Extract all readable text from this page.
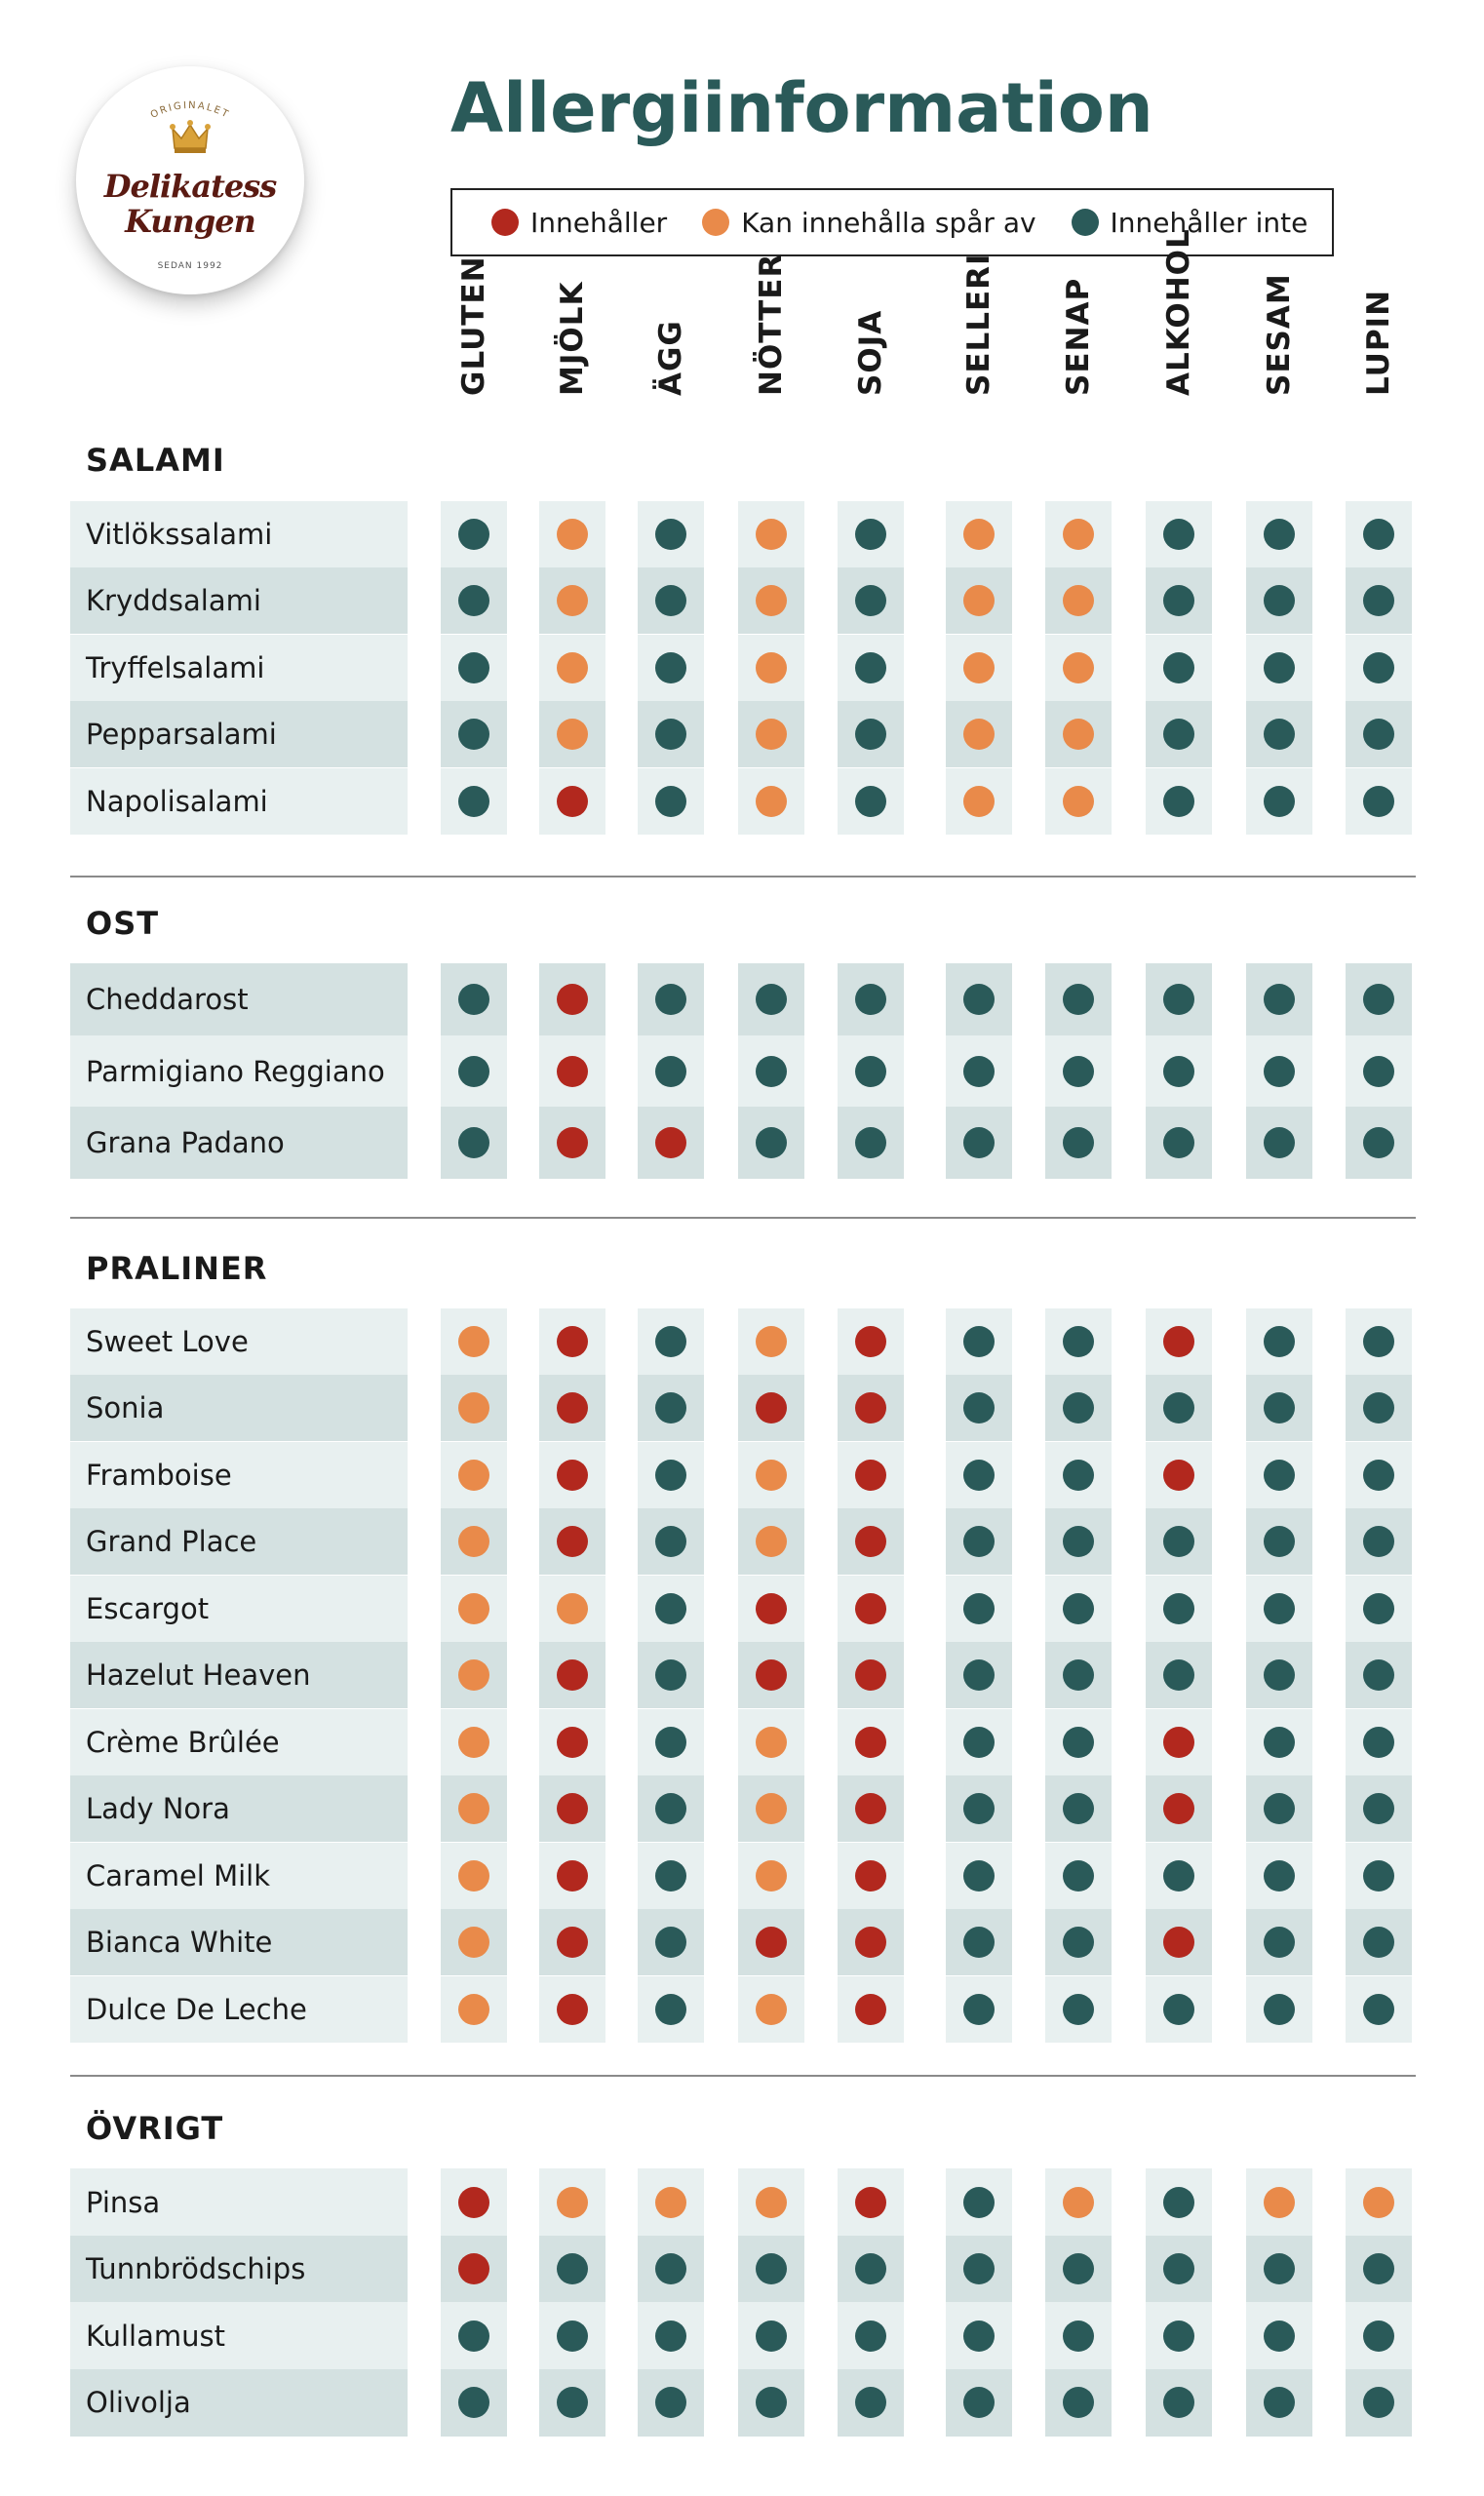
ORIGINALET
Delikatess
Kungen
SEDAN 1992
Allergiinformation
Innehåller	Kan innehålla spår av	Innehåller inte
GLUTEN MJÖLK ÄGG NÖTTER SOJA SELLERI SENAP ALKOHOL SESAM LUPIN
SALAMI
Vitlökssalami
Kryddsalami
Tryffelsalami
Pepparsalami
Napolisalami
OST
Cheddarost
Parmigiano Reggiano
Grana Padano
PRALINER
Sweet Love
Sonia
Framboise
Grand Place
Escargot
Hazelut Heaven
Crème Brûlée
Lady Nora
Caramel Milk
Bianca White
Dulce De Leche
ÖVRIGT
Pinsa
Tunnbrödschips
Kullamust
Olivolja
